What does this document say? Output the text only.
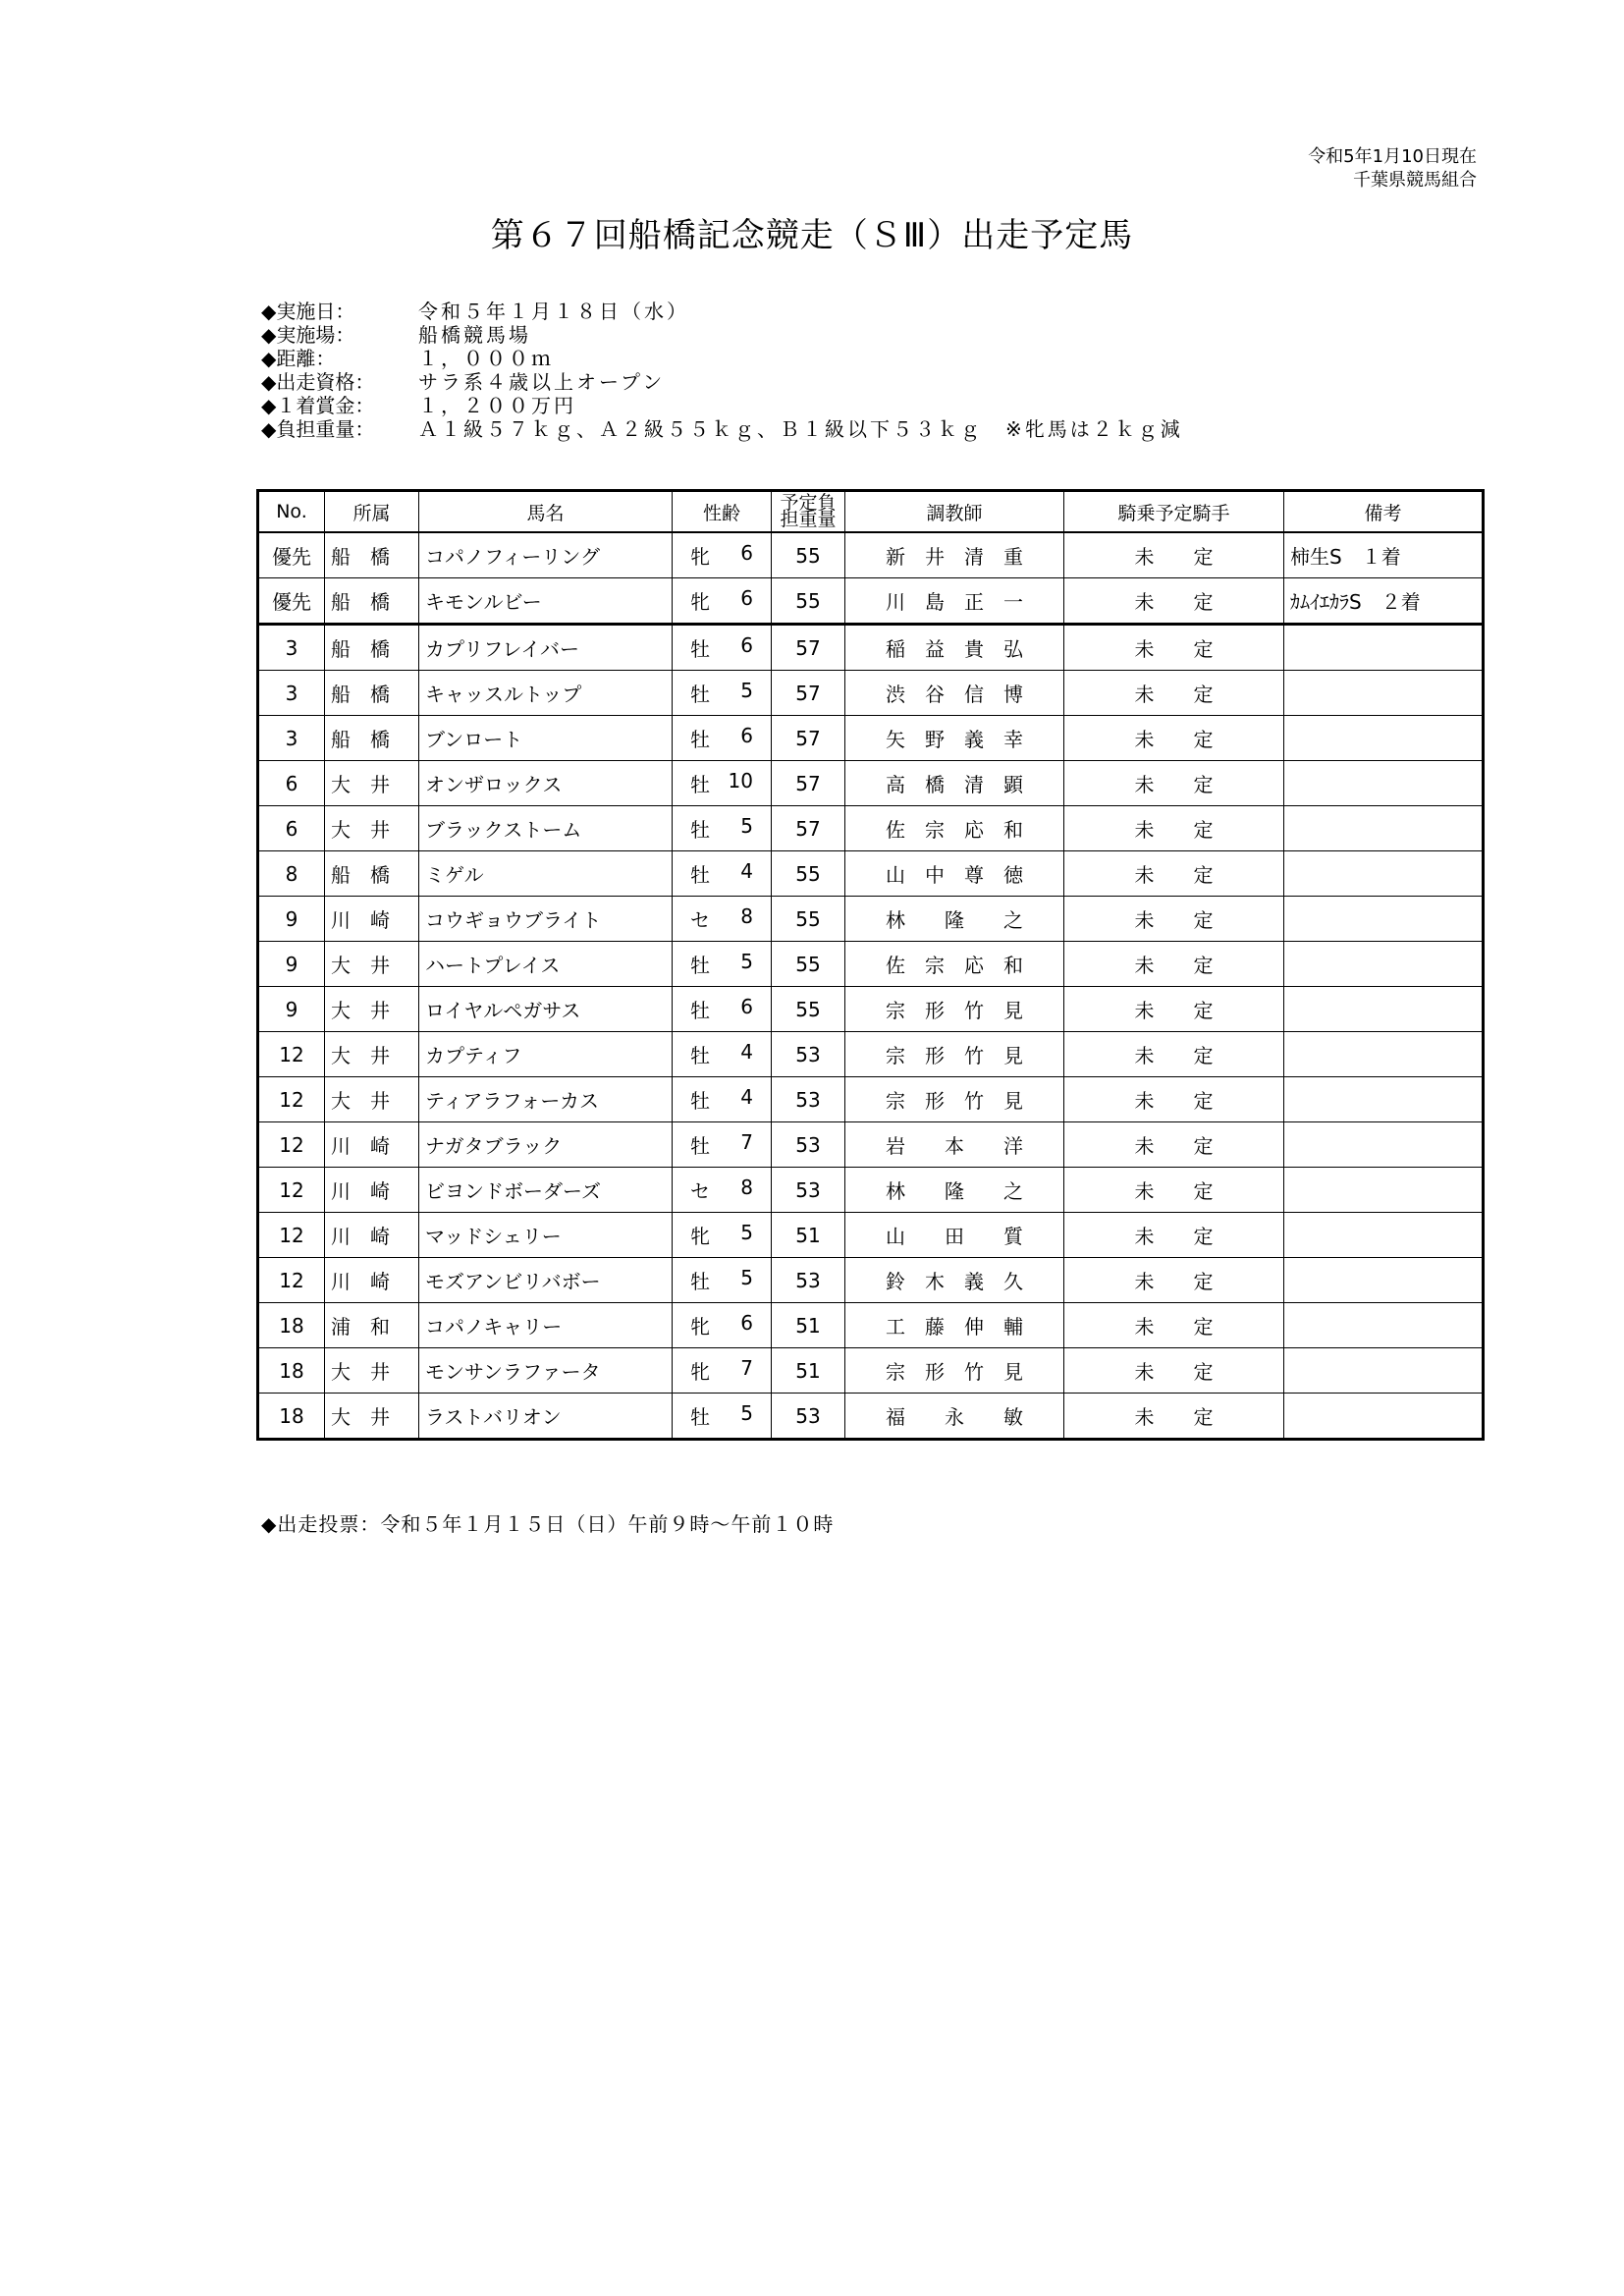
令和5年1月10日現在
千葉県競馬組合
第６７回船橋記念競走（ＳⅢ）出走予定馬
◆実施日：	令和５年１月１８日（水）
◆実施場：	船橋競馬場
◆距離：	１，０００ｍ
◆出走資格：	サラ系４歳以上オープン
◆１着賞金：	１，２００万円
◆負担重量：	Ａ１級５７ｋｇ、Ａ２級５５ｋｇ、Ｂ１級以下５３ｋｇ　※牝馬は２ｋｇ減
No.	所属	馬名	性齢	予定負担重量	調教師	騎乗予定騎手	備考
優先	船　橋	コパノフィーリング	牝 6	55	新　井　清　重	未　　定	柿生S　１着
優先	船　橋	キモンルビー	牝 6	55	川　島　正　一	未　　定	ｶﾑｲｴｶﾗS　２着
3	船　橋	カプリフレイバー	牡 6	57	稲　益　貴　弘	未　　定	
3	船　橋	キャッスルトップ	牡 5	57	渋　谷　信　博	未　　定	
3	船　橋	ブンロート	牡 6	57	矢　野　義　幸	未　　定	
6	大　井	オンザロックス	牡 10	57	高　橋　清　顕	未　　定	
6	大　井	ブラックストーム	牡 5	57	佐　宗　応　和	未　　定	
8	船　橋	ミゲル	牡 4	55	山　中　尊　徳	未　　定	
9	川　崎	コウギョウブライト	セ 8	55	林　　隆　　之	未　　定	
9	大　井	ハートプレイス	牡 5	55	佐　宗　応　和	未　　定	
9	大　井	ロイヤルペガサス	牡 6	55	宗　形　竹　見	未　　定	
12	大　井	カプティフ	牡 4	53	宗　形　竹　見	未　　定	
12	大　井	ティアラフォーカス	牡 4	53	宗　形　竹　見	未　　定	
12	川　崎	ナガタブラック	牡 7	53	岩　　本　　洋	未　　定	
12	川　崎	ビヨンドボーダーズ	セ 8	53	林　　隆　　之	未　　定	
12	川　崎	マッドシェリー	牝 5	51	山　　田　　質	未　　定	
12	川　崎	モズアンビリバボー	牡 5	53	鈴　木　義　久	未　　定	
18	浦　和	コパノキャリー	牝 6	51	工　藤　伸　輔	未　　定	
18	大　井	モンサンラファータ	牝 7	51	宗　形　竹　見	未　　定	
18	大　井	ラストバリオン	牡 5	53	福　　永　　敏	未　　定	
◆出走投票：令和５年１月１５日（日）午前９時～午前１０時
